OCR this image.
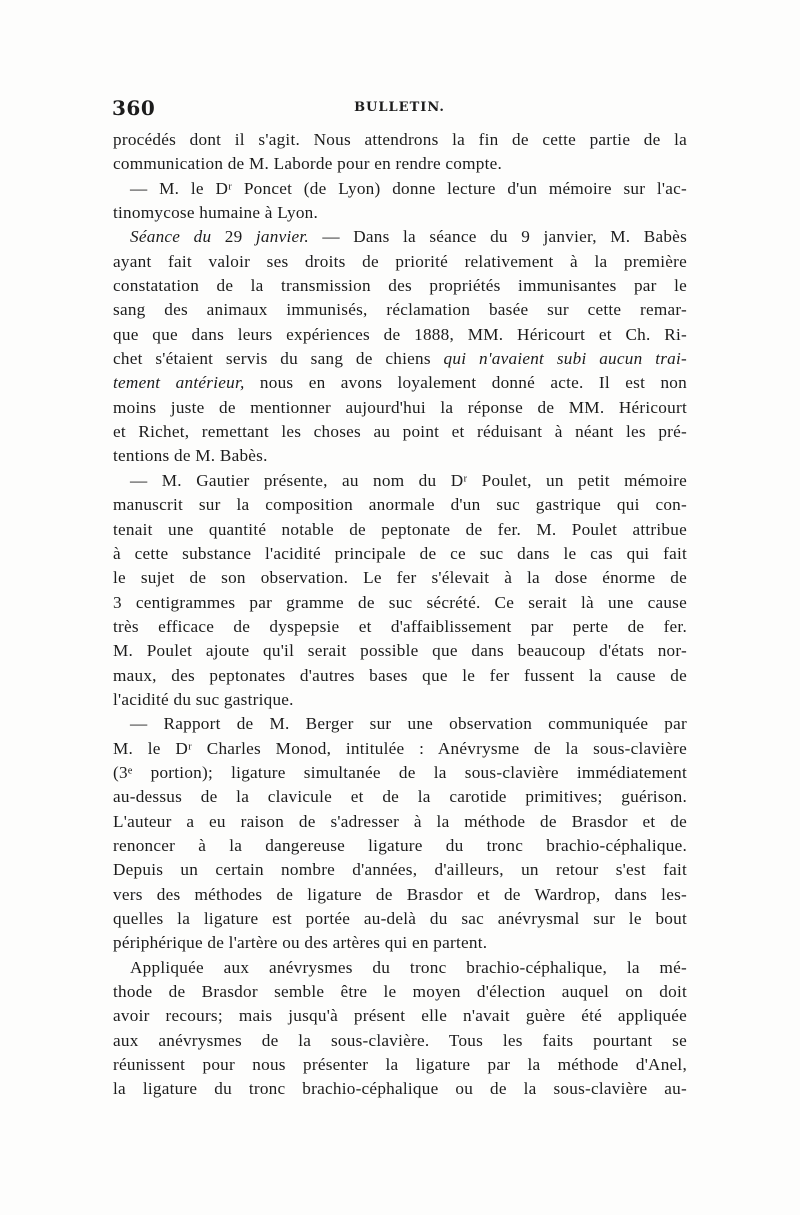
360	BULLETIN.
procédés dont il s'agit. Nous attendrons la fin de cette partie de la
communication de M. Laborde pour en rendre compte.
— M. le Dʳ Poncet (de Lyon) donne lecture d'un mémoire sur l'ac-
tinomycose humaine à Lyon.
Séance du 29 janvier. — Dans la séance du 9 janvier, M. Babès
ayant fait valoir ses droits de priorité relativement à la première
constatation de la transmission des propriétés immunisantes par le
sang des animaux immunisés, réclamation basée sur cette remar-
que que dans leurs expériences de 1888, MM. Héricourt et Ch. Ri-
chet s'étaient servis du sang de chiens qui n'avaient subi aucun trai-
tement antérieur, nous en avons loyalement donné acte. Il est non
moins juste de mentionner aujourd'hui la réponse de MM. Héricourt
et Richet, remettant les choses au point et réduisant à néant les pré-
tentions de M. Babès.
— M. Gautier présente, au nom du Dʳ Poulet, un petit mémoire
manuscrit sur la composition anormale d'un suc gastrique qui con-
tenait une quantité notable de peptonate de fer. M. Poulet attribue
à cette substance l'acidité principale de ce suc dans le cas qui fait
le sujet de son observation. Le fer s'élevait à la dose énorme de
3 centigrammes par gramme de suc sécrété. Ce serait là une cause
très efficace de dyspepsie et d'affaiblissement par perte de fer.
M. Poulet ajoute qu'il serait possible que dans beaucoup d'états nor-
maux, des peptonates d'autres bases que le fer fussent la cause de
l'acidité du suc gastrique.
— Rapport de M. Berger sur une observation communiquée par
M. le Dʳ Charles Monod, intitulée : Anévrysme de la sous-clavière
(3ᵉ portion); ligature simultanée de la sous-clavière immédiatement
au-dessus de la clavicule et de la carotide primitives; guérison.
L'auteur a eu raison de s'adresser à la méthode de Brasdor et de
renoncer à la dangereuse ligature du tronc brachio-céphalique.
Depuis un certain nombre d'années, d'ailleurs, un retour s'est fait
vers des méthodes de ligature de Brasdor et de Wardrop, dans les-
quelles la ligature est portée au-delà du sac anévrysmal sur le bout
périphérique de l'artère ou des artères qui en partent.
Appliquée aux anévrysmes du tronc brachio-céphalique, la mé-
thode de Brasdor semble être le moyen d'élection auquel on doit
avoir recours; mais jusqu'à présent elle n'avait guère été appliquée
aux anévrysmes de la sous-clavière. Tous les faits pourtant se
réunissent pour nous présenter la ligature par la méthode d'Anel,
la ligature du tronc brachio-céphalique ou de la sous-clavière au-
